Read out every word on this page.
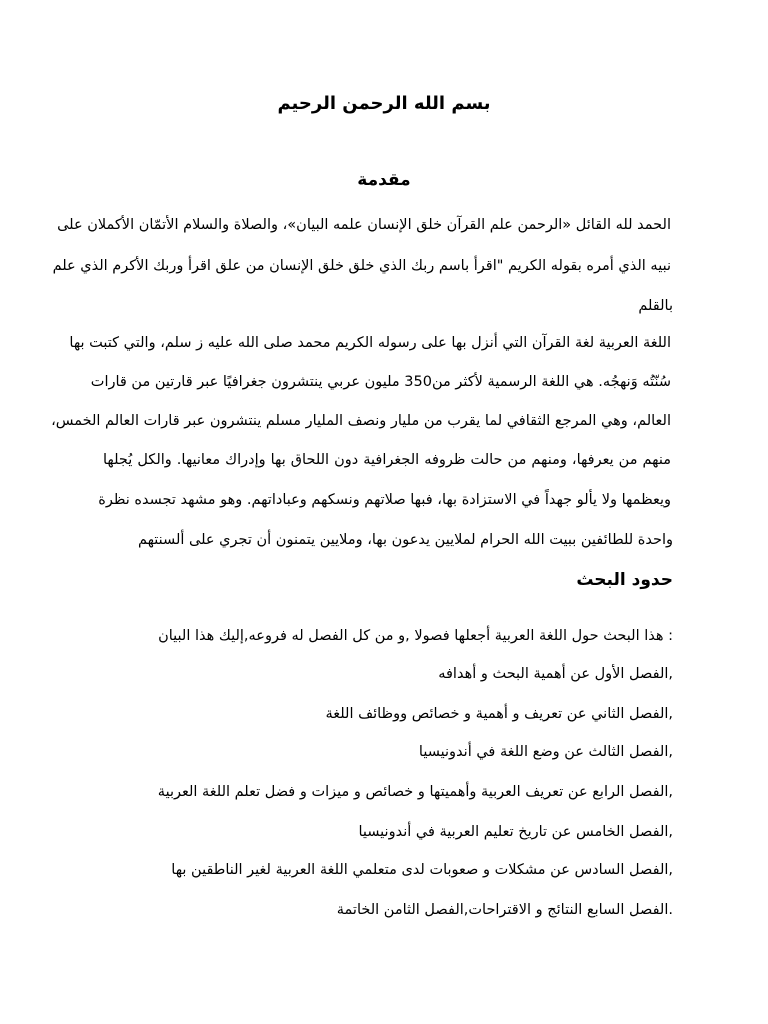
بسم الله الرحمن الرحيم
مقدمة
الحمد لله القائل «الرحمن علم القرآن خلق الإنسان علمه البيان»، والصلاة والسلام الأتمّان الأكملان على
نبيه الذي أمره بقوله الكريم "اقرأ باسم ربك الذي خلق خلق الإنسان من علق اقرأ وربك الأكرم الذي علم
بالقلم
اللغة العربية لغة القرآن التي أنزل بها على رسوله الكريم محمد صلى الله عليه ز سلم، والتي كتبت بها
سُنّتُه وَنهجُه. هي اللغة الرسمية لأكثر من350 مليون عربي ينتشرون جغرافيًا عبر قارتين من قارات
العالم، وهي المرجع الثقافي لما يقرب من مليار ونصف المليار مسلم ينتشرون عبر قارات العالم الخمس،
منهم من يعرفها، ومنهم من حالت ظروفه الجغرافية دون اللحاق بها وإدراك معانيها. والكل يُجلها
ويعظمها ولا يألو جهداً في الاستزادة بها، فبها صلاتهم ونسكهم وعباداتهم. وهو مشهد تجسده نظرة
واحدة للطائفين ببيت الله الحرام لملايين يدعون بها، وملايين يتمنون أن تجري على ألسنتهم
حدود البحث
: هذا البحث حول اللغة العربية أجعلها فصولا ,و من كل الفصل له فروعه,إليك هذا البيان
,الفصل الأول عن أهمية البحث و أهدافه
,الفصل الثاني عن تعريف و أهمية و خصائص ووظائف اللغة
,الفصل الثالث عن وضع اللغة في أندونيسيا
,الفصل الرابع عن تعريف العربية وأهميتها و خصائص و ميزات و فضل تعلم اللغة العربية
,الفصل الخامس عن تاريخ تعليم العربية في أندونيسيا
,الفصل السادس عن مشكلات و صعوبات لدى متعلمي اللغة العربية لغير الناطقين بها
.الفصل السابع النتائج و الاقتراحات,الفصل الثامن الخاتمة
